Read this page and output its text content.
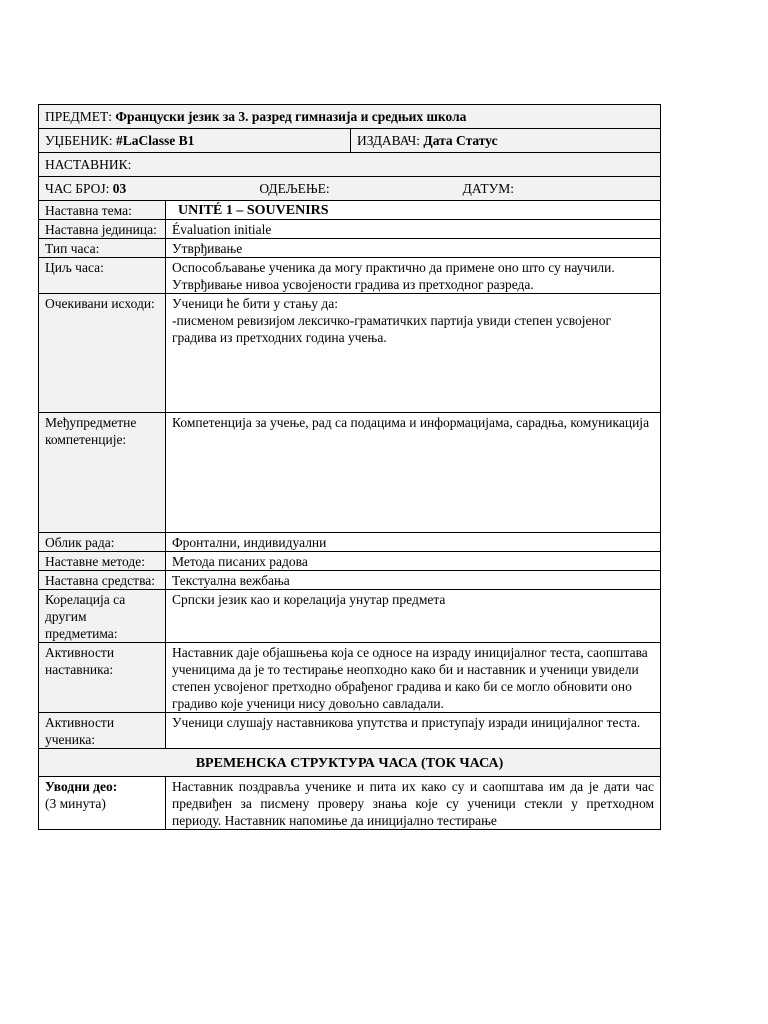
ПРЕДМЕТ: Француски језик за 3. разред гимназија и средњих школа		
УЏБЕНИК: #LaClasse B1		ИЗДАВАЧ: Дата Статус
НАСТАВНИК:		

ЧАС БРОЈ: 03 ОДЕЉЕЊЕ: ДАТУМ:		

Наставна тема:	UNITÉ 1 – SOUVENIRS	
Наставна јединица:	Évaluation initiale	
Тип часа:	Утврђивање	
Циљ часа:	Оспособљавање ученика да могу практично да примене оно што су научили.
Утврђивање нивоа усвојености градива из претходног разреда.	

Очекивани исходи:	Ученици ће бити у стању да:
-писменом ревизијом лексичко-граматичких партија увиди степен усвојеног градива из претходних година учења.	

Међупредметне компетенције:	Компетенција за учење, рад са подацима и информацијама, сарадња, комуникација	
Облик рада:	Фронтални, индивидуални	
Наставне методе:	Метода писаних радова	
Наставна средства:	Текстуална вежбања	
Корелација са другим предметима:	Српски језик као и корелација унутар предмета	
Активности наставника:	Наставник даје објашњења која се односе на израду иницијалног теста, саопштава ученицима да је то тестирање неопходно како би и наставник и ученици увидели степен усвојеног претходно обрађеног градива и како би се могло обновити оно градиво које ученици нису довољно савладали.	
Активности ученика:	Ученици слушају наставникова упутства и приступају изради иницијалног теста.	
ВРЕМЕНСКА СТРУКТУРА ЧАСА (ТОК ЧАСА)		

Уводни део:
(3 минута)	Наставник поздравља ученике и пита их како су и саопштава им да је дати час предвиђен за писмену проверу знања које су ученици стекли у претходном периоду. Наставник напомиње да иницијално тестирање	
